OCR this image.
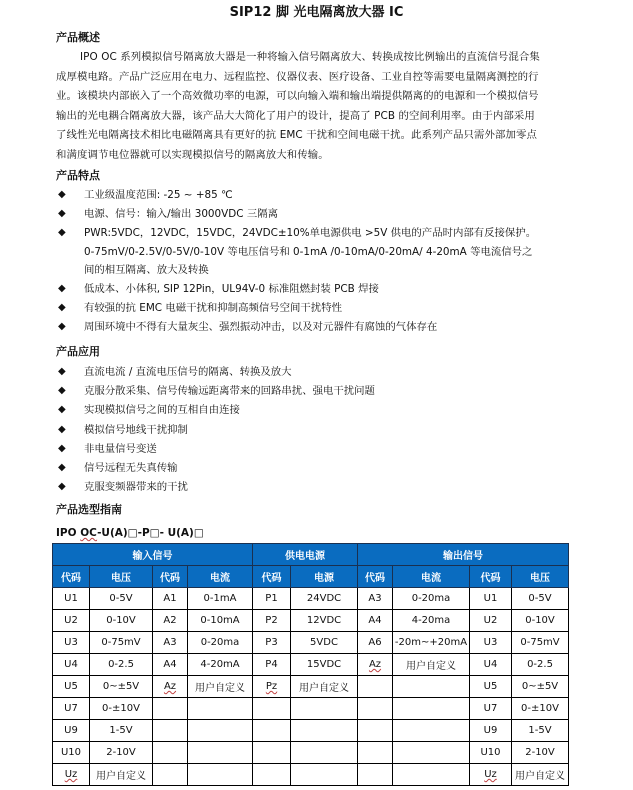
SIP12 脚 光电隔离放大器 IC
产品概述
IPO OC 系列模拟信号隔离放大器是一种将输入信号隔离放大、转换成按比例输出的直流信号混合集
成厚模电路。产品广泛应用在电力、远程监控、仪器仪表、医疗设备、工业自控等需要电量隔离测控的行
业。该模块内部嵌入了一个高效微功率的电源，可以向输入端和输出端提供隔离的的电源和一个模拟信号
输出的光电耦合隔离放大器，该产品大大简化了用户的设计，提高了 PCB 的空间利用率。由于内部采用
了线性光电隔离技术相比电磁隔离具有更好的抗 EMC 干扰和空间电磁干扰。此系列产品只需外部加零点
和满度调节电位器就可以实现模拟信号的隔离放大和传输。
产品特点
◆ 工业级温度范围: -25 ~ +85 ℃
◆ 电源、信号：输入/输出 3000VDC 三隔离
◆ PWR:5VDC，12VDC，15VDC，24VDC±10%单电源供电 >5V 供电的产品时内部有反接保护。
0-75mV/0-2.5V/0-5V/0-10V 等电压信号和 0-1mA /0-10mA/0-20mA/ 4-20mA 等电流信号之
间的相互隔离、放大及转换
◆ 低成本、小体积, SIP 12Pin，UL94V-0 标准阻燃封装 PCB 焊接
◆ 有较强的抗 EMC 电磁干扰和抑制高频信号空间干扰特性
◆ 周围环境中不得有大量灰尘、强烈振动冲击，以及对元器件有腐蚀的气体存在
产品应用
◆ 直流电流 / 直流电压信号的隔离、转换及放大
◆ 克服分散采集、信号传输远距离带来的回路串扰、强电干扰问题
◆ 实现模拟信号之间的互相自由连接
◆ 模拟信号地线干扰抑制
◆ 非电量信号变送
◆ 信号远程无失真传输
◆ 克服变频器带来的干扰
产品选型指南
IPO OC-U(A)□-P□- U(A)□
输入信号				供电电源		输出信号			
代码	电压	代码	电流	代码	电源	代码	电流	代码	电压
U1	0-5V	A1	0-1mA	P1	24VDC	A3	0-20ma	U1	0-5V
U2	0-10V	A2	0-10mA	P2	12VDC	A4	4-20ma	U2	0-10V
U3	0-75mV	A3	0-20ma	P3	5VDC	A6	-20m~+20mA	U3	0-75mV
U4	0-2.5	A4	4-20mA	P4	15VDC	Az	用户自定义	U4	0-2.5
U5	0~±5V	Az	用户自定义	Pz	用户自定义			U5	0~±5V
U7	0-±10V							U7	0-±10V
U9	1-5V							U9	1-5V
U10	2-10V							U10	2-10V
Uz	用户自定义							Uz	用户自定义
